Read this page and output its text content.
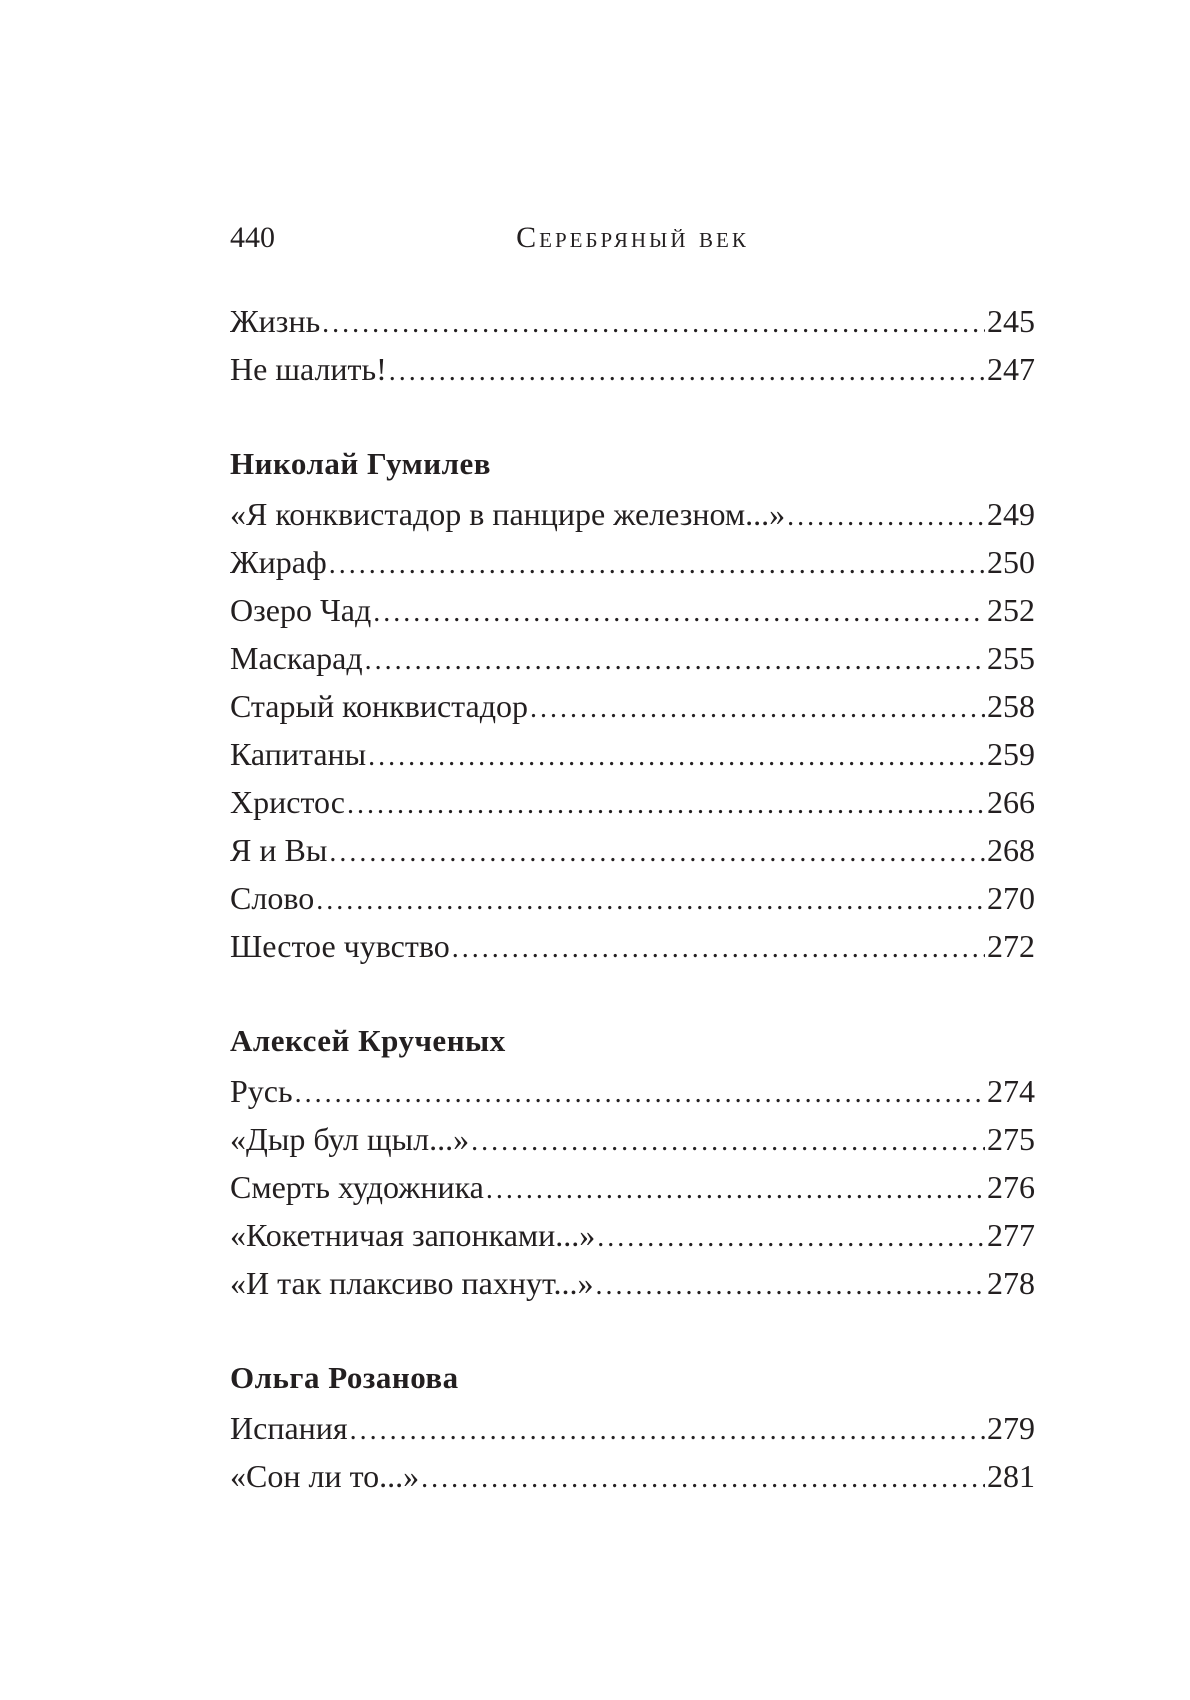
440	Серебряный век
Жизнь . . .	245
Не шалить! . . .	247
Николай Гумилев
«Я конквистадор в панцире железном...» . . .	249
Жираф . . .	250
Озеро Чад . . .	252
Маскарад . . .	255
Старый конквистадор . . .	258
Капитаны . . .	259
Христос . . .	266
Я и Вы . . .	268
Слово . . .	270
Шестое чувство . . .	272
Алексей Крученых
Русь . . .	274
«Дыр бул щыл...» . . .	275
Смерть художника . . .	276
«Кокетничая запонками...» . . .	277
«И так плаксиво пахнут...» . . .	278
Ольга Розанова
Испания . . .	279
«Сон ли то...» . . .	281
